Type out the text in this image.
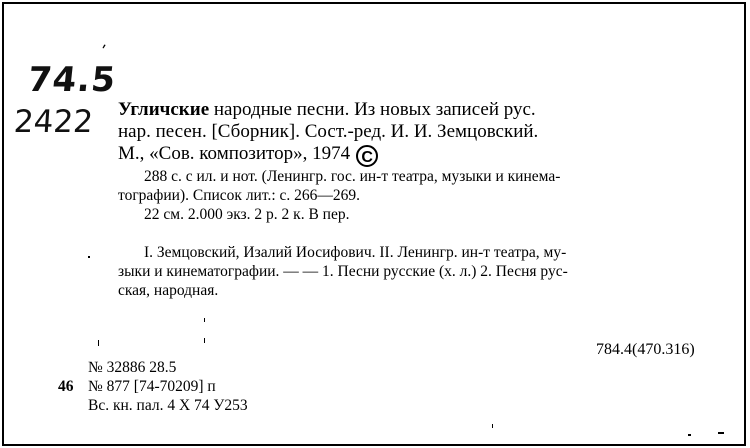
ʹ
74.5
2422 Угличские народные песни. Из новых записей рус.
нар. песен. [Сборник]. Сост.-ред. И. И. Земцовский.
М., «Сов. композитор», 1974 C
288 с. с ил. и нот. (Ленингр. гос. ин-т театра, музыки и кинема-
тографии). Список лит.: с. 266—269.
22 см. 2.000 экз. 2 р. 2 к. В пер.
I. Земцовский, Изалий Иосифович. II. Ленингр. ин-т театра, му-
зыки и кинематографии. — — 1. Песни русские (х. л.) 2. Песня рус-
ская, народная.
784.4(470.316)
№ 32886 28.5
46 № 877 [74-70209] п
Вс. кн. пал. 4 X 74 У253
